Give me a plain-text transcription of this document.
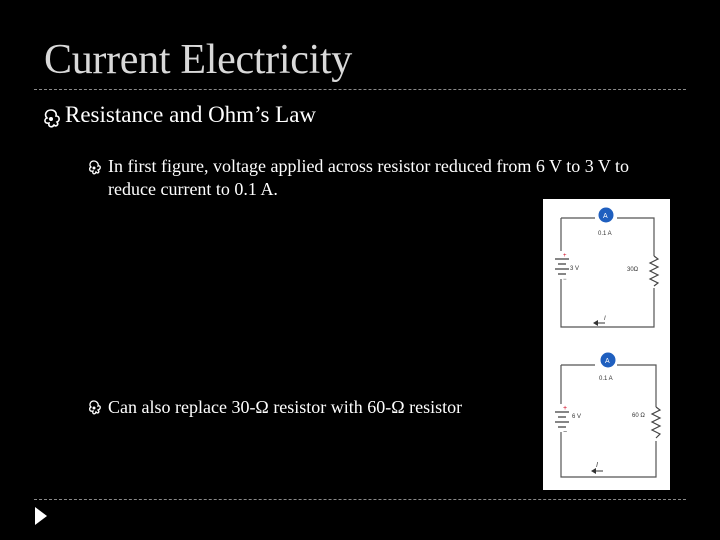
Current Electricity
Resistance and Ohm’s Law
In first figure, voltage applied across resistor reduced from 6 V to 3 V to reduce current to 0.1 A.
Can also replace 30-Ω resistor with 60-Ω resistor
+
−
3 V	30Ω
A
0.1 A
I
+
−
6 V	60 Ω
A
0.1 A
I
